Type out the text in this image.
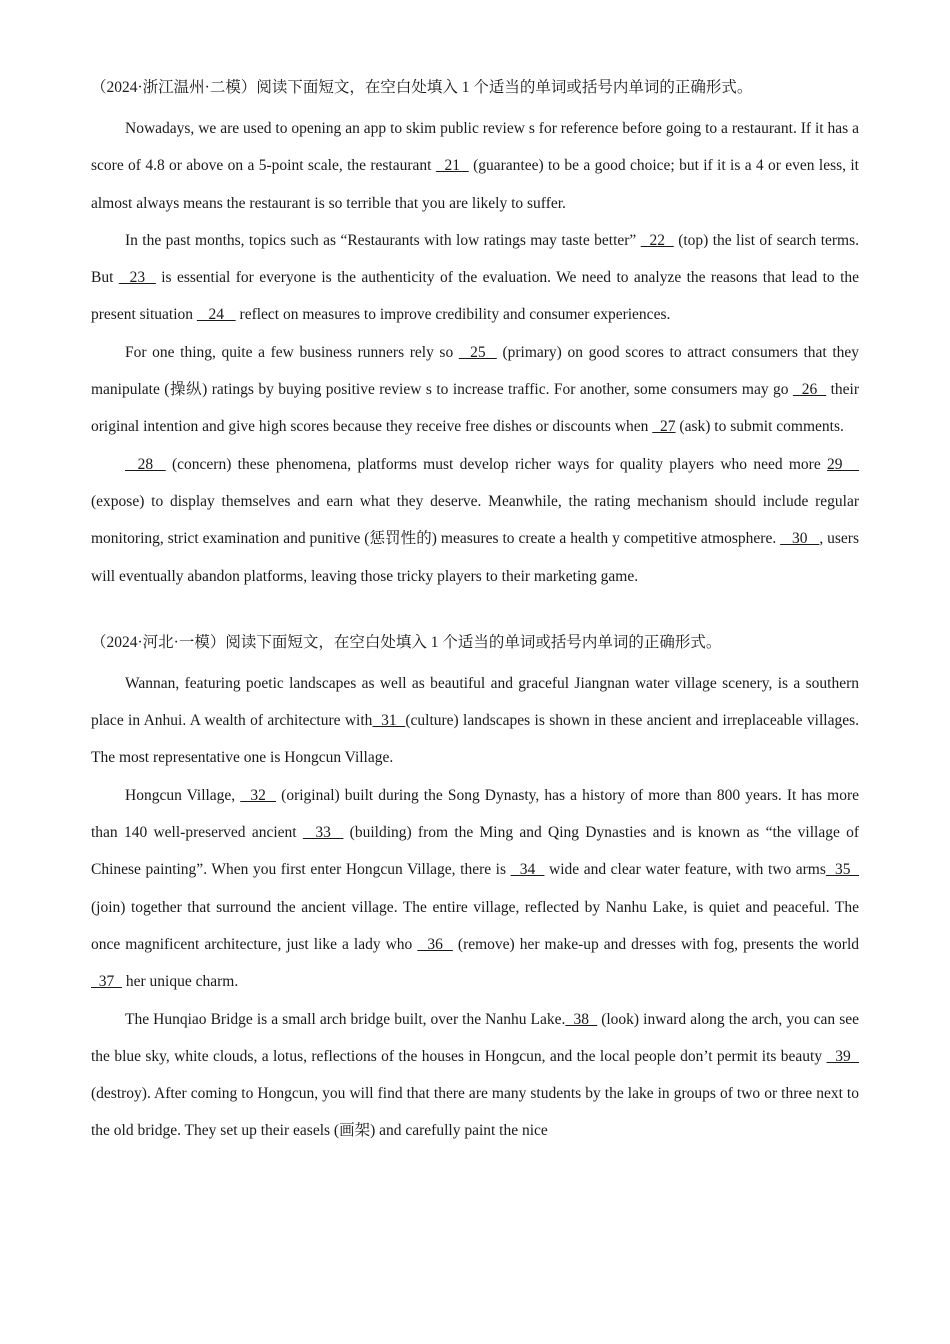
（2024·浙江温州·二模）阅读下面短文，在空白处填入 1 个适当的单词或括号内单词的正确形式。

Nowadays, we are used to opening an app to skim public review s for reference before going to a restaurant. If it has a score of 4.8 or above on a 5-point scale, the restaurant   21   (guarantee) to be a good choice; but if it is a 4 or even less, it almost always means the restaurant is so terrible that you are likely to suffer.

In the past months, topics such as “Restaurants with low ratings may taste better”   22   (top) the list of search terms. But   23   is essential for everyone is the authenticity of the evaluation. We need to analyze the reasons that lead to the present situation    24    reflect on measures to improve credibility and consumer experiences.

For one thing, quite a few business runners rely so   25   (primary) on good scores to attract consumers that they manipulate (操纵) ratings by buying positive review s to increase traffic. For another, some consumers may go   26   their original intention and give high scores because they receive free dishes or discounts when   27 (ask) to submit comments.

28   (concern) these phenomena, platforms must develop richer ways for quality players who need more 29    (expose) to display themselves and earn what they deserve. Meanwhile, the rating mechanism should include regular monitoring, strict examination and punitive (惩罚性的) measures to create a health y competitive atmosphere.    30   , users will eventually abandon platforms, leaving those tricky players to their marketing game.

（2024·河北·一模）阅读下面短文，在空白处填入 1 个适当的单词或括号内单词的正确形式。

Wannan, featuring poetic landscapes as well as beautiful and graceful Jiangnan water village scenery, is a southern place in Anhui. A wealth of architecture with  31  (culture) landscapes is shown in these ancient and irreplaceable villages. The most representative one is Hongcun Village.

Hongcun Village,   32   (original) built during the Song Dynasty, has a history of more than 800 years. It has more than 140 well-preserved ancient   33   (building) from the Ming and Qing Dynasties and is known as “the village of Chinese painting”. When you first enter Hongcun Village, there is   34   wide and clear water feature, with two arms  35   (join) together that surround the ancient village. The entire village, reflected by Nanhu Lake, is quiet and peaceful. The once magnificent architecture, just like a lady who   36   (remove) her make-up and dresses with fog, presents the world   37   her unique charm.

The Hunqiao Bridge is a small arch bridge built, over the Nanhu Lake.  38   (look) inward along the arch, you can see the blue sky, white clouds, a lotus, reflections of the houses in Hongcun, and the local people don’t permit its beauty   39   (destroy). After coming to Hongcun, you will find that there are many students by the lake in groups of two or three next to the old bridge. They set up their easels (画架) and carefully paint the nice
